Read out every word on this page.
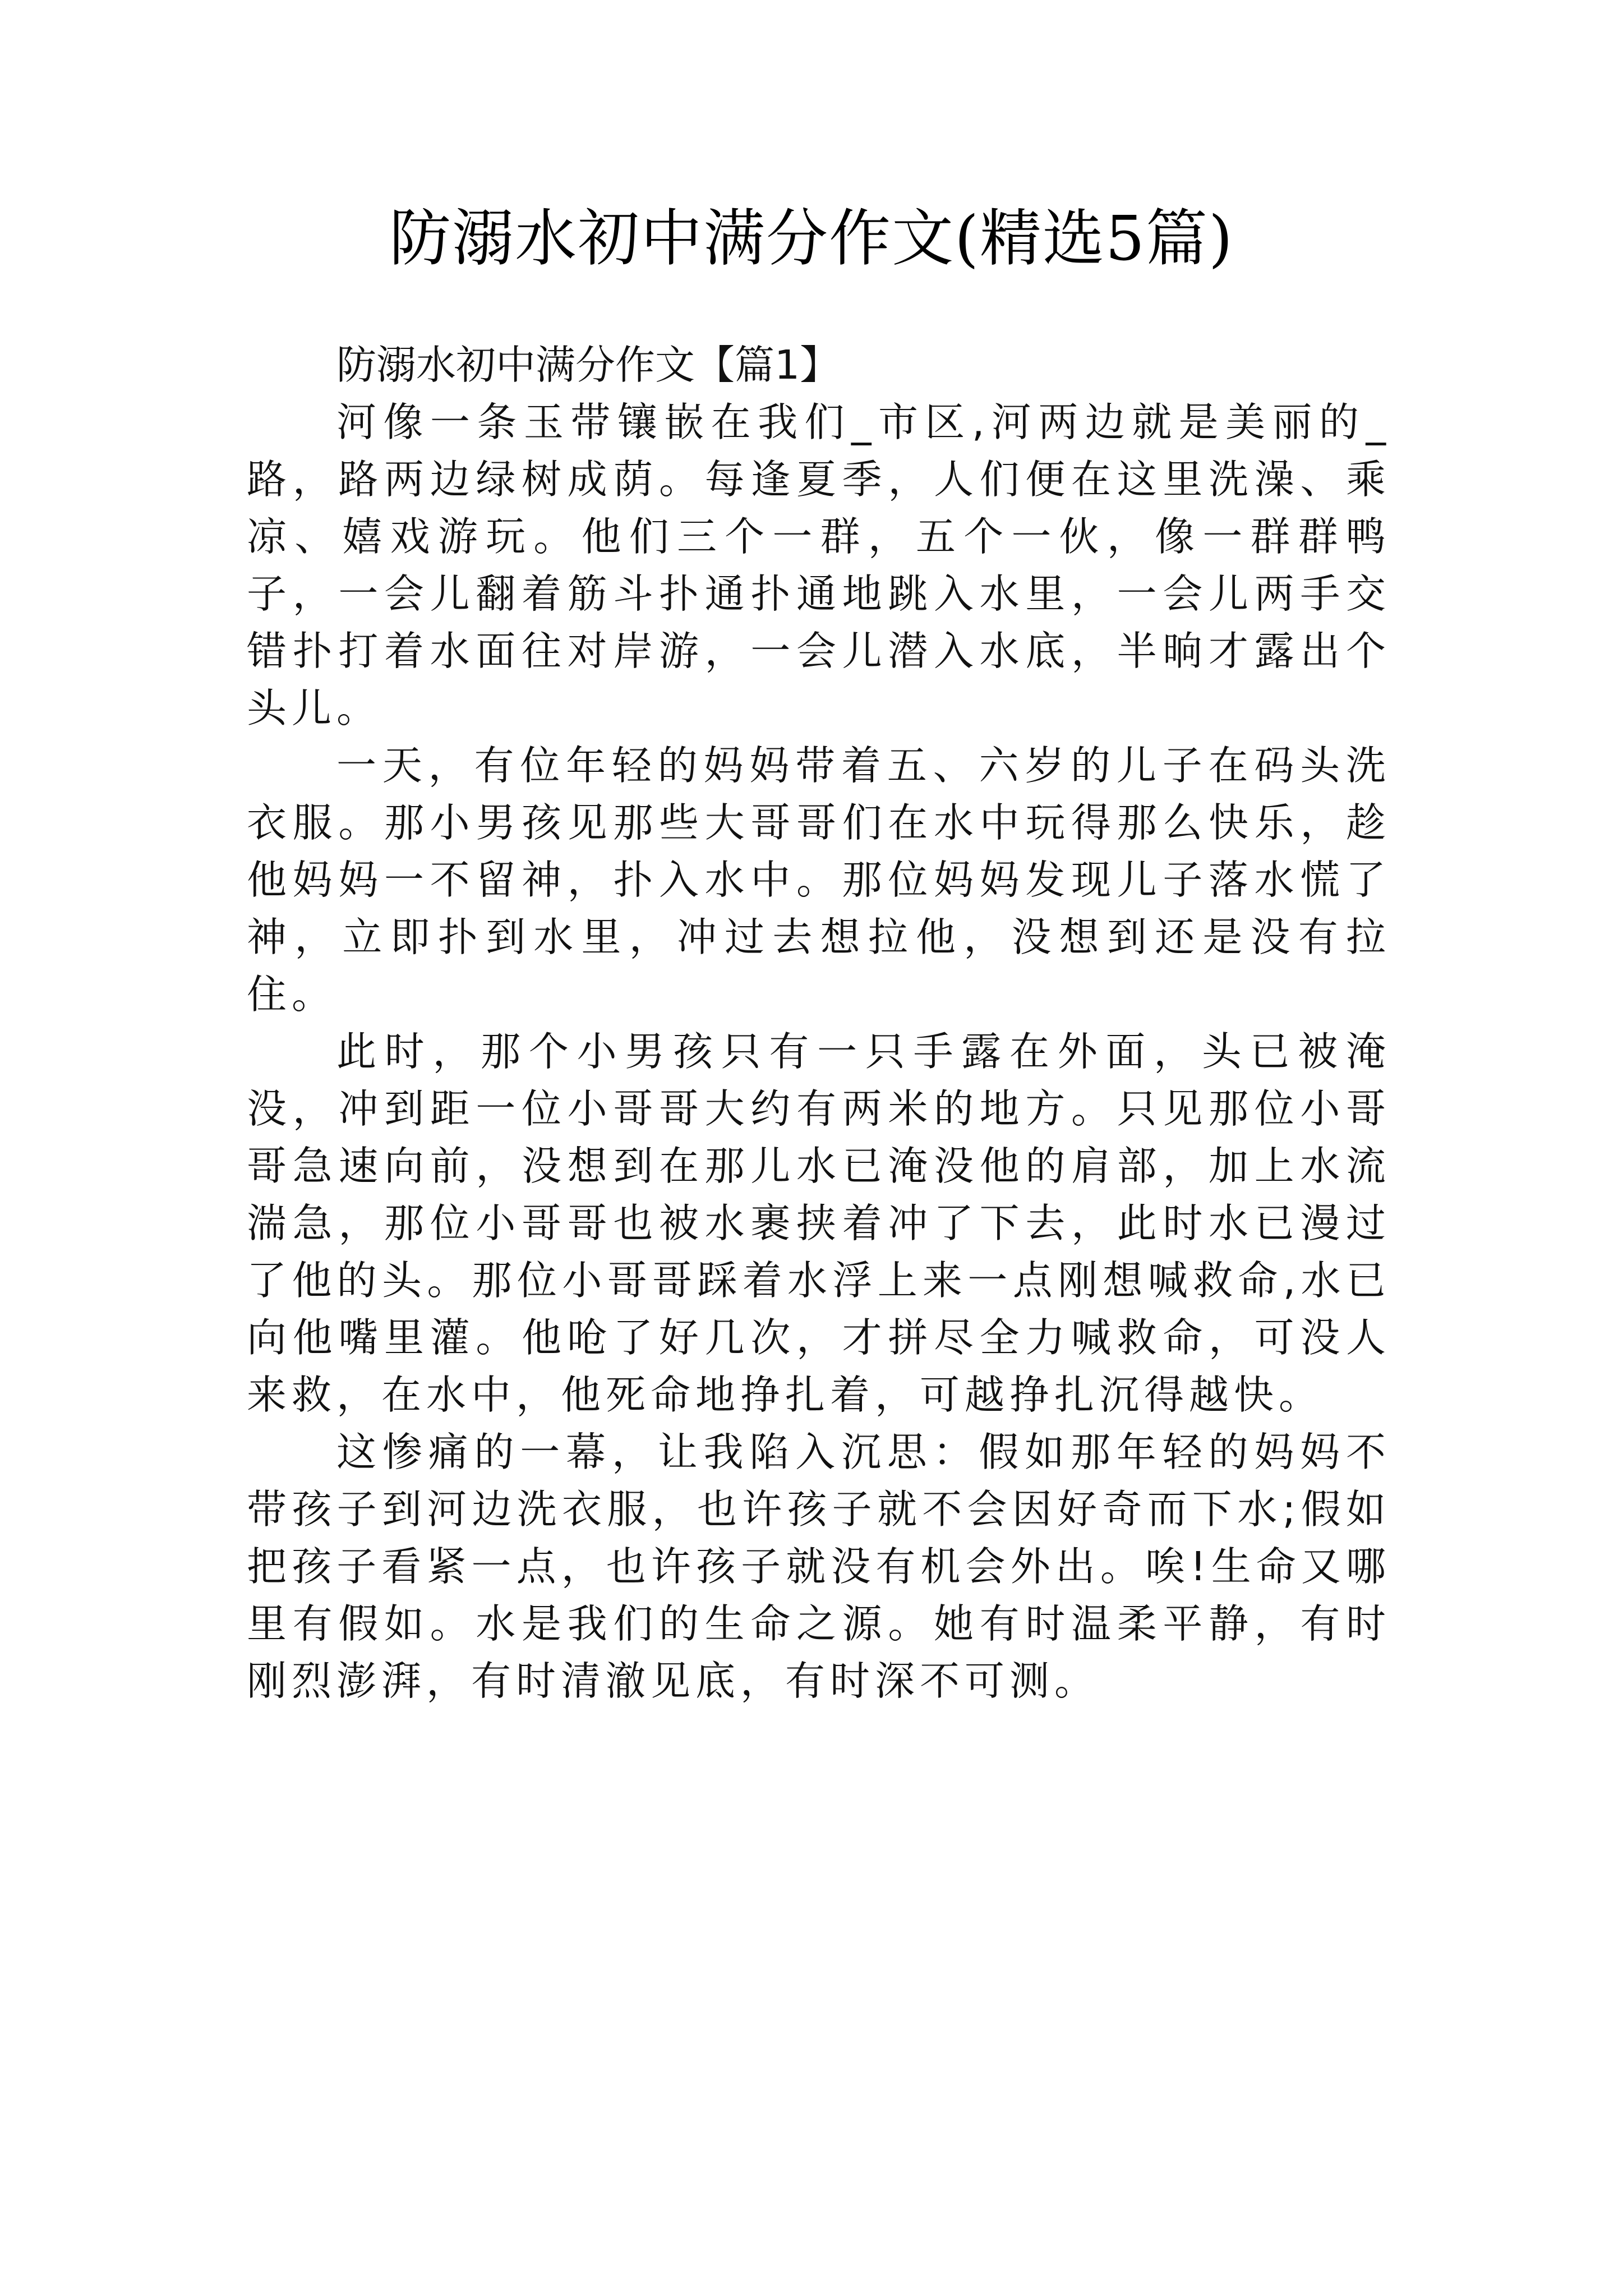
防溺水初中满分作文(精选5篇)

防溺水初中满分作文【篇1】

河像一条玉带镶嵌在我们_市区,河两边就是美丽的_路，路两边绿树成荫。每逢夏季，人们便在这里洗澡、乘凉、嬉戏游玩。他们三个一群，五个一伙，像一群群鸭子，一会儿翻着筋斗扑通扑通地跳入水里，一会儿两手交错扑打着水面往对岸游，一会儿潜入水底，半晌才露出个头儿。

一天，有位年轻的妈妈带着五、六岁的儿子在码头洗衣服。那小男孩见那些大哥哥们在水中玩得那么快乐，趁他妈妈一不留神，扑入水中。那位妈妈发现儿子落水慌了神，立即扑到水里，冲过去想拉他，没想到还是没有拉住。

此时，那个小男孩只有一只手露在外面，头已被淹没，冲到距一位小哥哥大约有两米的地方。只见那位小哥哥急速向前，没想到在那儿水已淹没他的肩部，加上水流湍急，那位小哥哥也被水裹挟着冲了下去，此时水已漫过了他的头。那位小哥哥踩着水浮上来一点刚想喊救命,水已向他嘴里灌。他呛了好几次，才拼尽全力喊救命，可没人来救，在水中，他死命地挣扎着，可越挣扎沉得越快。

这惨痛的一幕，让我陷入沉思：假如那年轻的妈妈不带孩子到河边洗衣服，也许孩子就不会因好奇而下水;假如把孩子看紧一点，也许孩子就没有机会外出。唉!生命又哪里有假如。水是我们的生命之源。她有时温柔平静，有时刚烈澎湃，有时清澈见底，有时深不可测。
